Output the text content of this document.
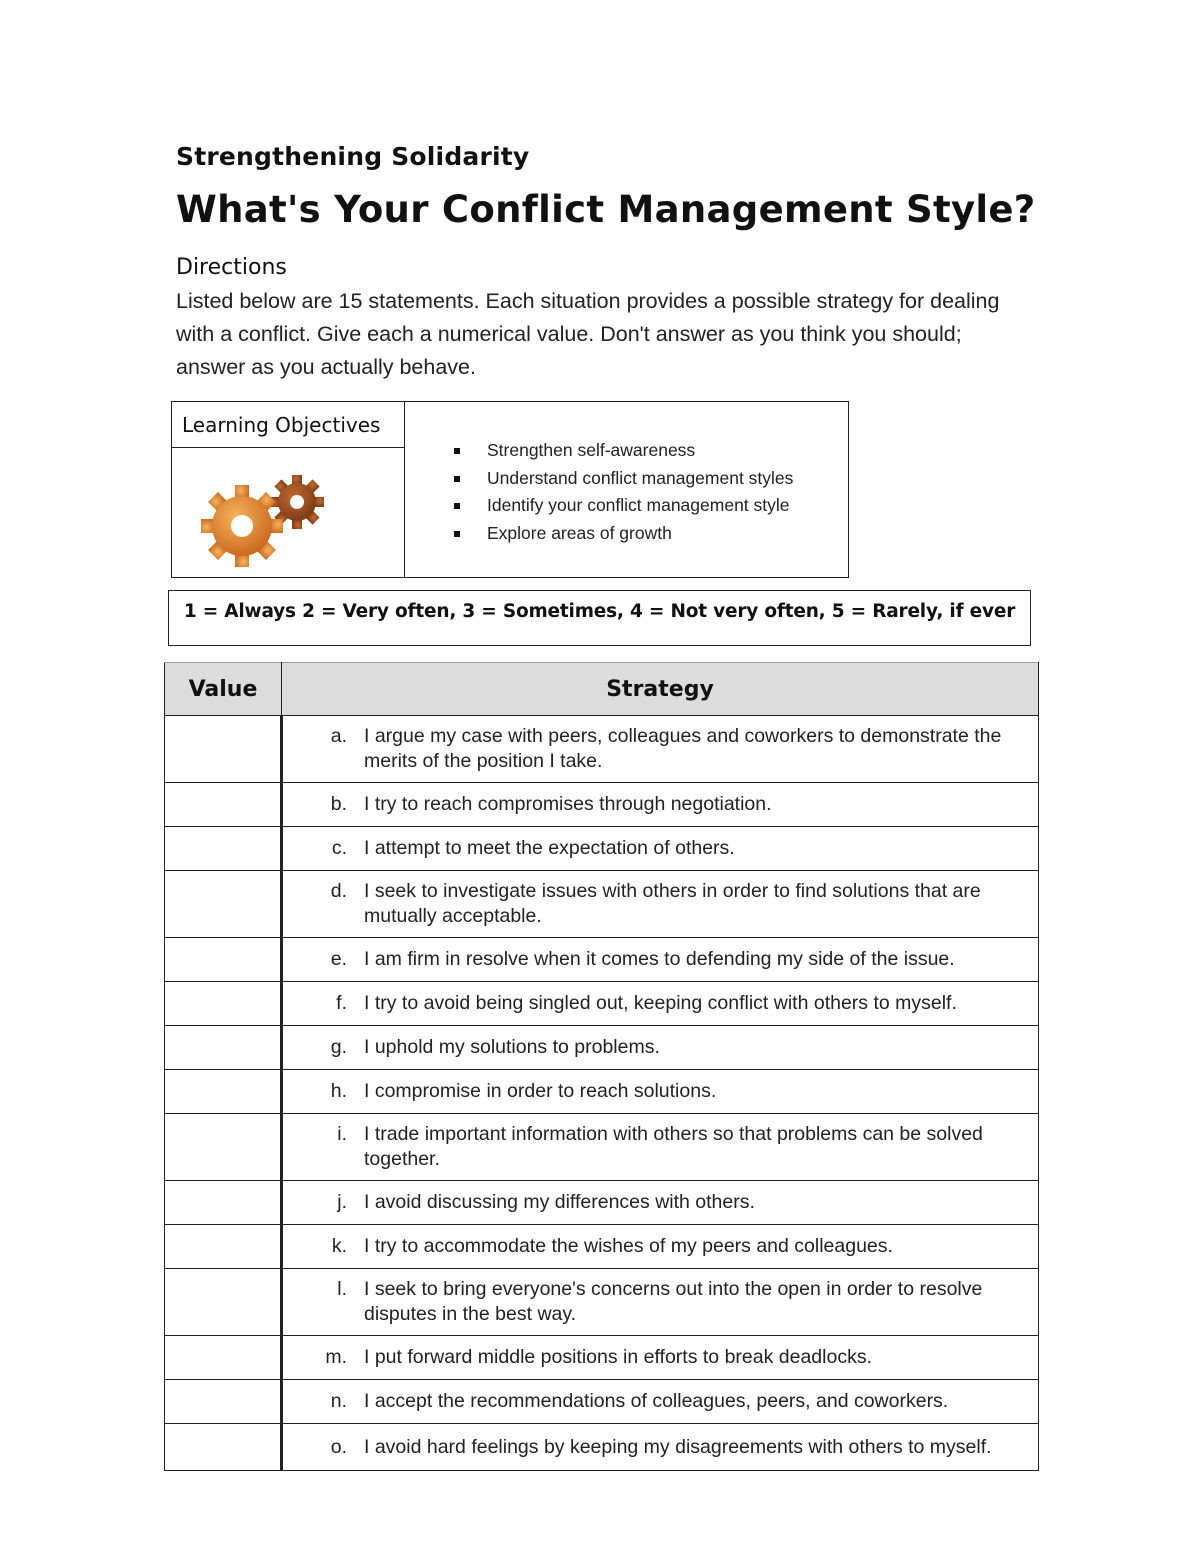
Strengthening Solidarity
What's Your Conflict Management Style?
Directions
Listed below are 15 statements. Each situation provides a possible strategy for dealing with a conflict. Give each a numerical value. Don't answer as you think you should; answer as you actually behave.
Learning Objectives
Strengthen self-awareness
Understand conflict management styles
Identify your conflict management style
Explore areas of growth
1 = Always 2 = Very often, 3 = Sometimes, 4 = Not very often, 5 = Rarely, if ever
Value	Strategy

	a. I argue my case with peers, colleagues and coworkers to demonstrate the merits of the position I take.

	b. I try to reach compromises through negotiation.

	c. I attempt to meet the expectation of others.

	d. I seek to investigate issues with others in order to find solutions that are mutually acceptable.

	e. I am firm in resolve when it comes to defending my side of the issue.

	f. I try to avoid being singled out, keeping conflict with others to myself.

	g. I uphold my solutions to problems.

	h. I compromise in order to reach solutions.

	i. I trade important information with others so that problems can be solved together.

	j. I avoid discussing my differences with others.

	k. I try to accommodate the wishes of my peers and colleagues.

	l. I seek to bring everyone's concerns out into the open in order to resolve disputes in the best way.

	m. I put forward middle positions in efforts to break deadlocks.

	n. I accept the recommendations of colleagues, peers, and coworkers.

	o. I avoid hard feelings by keeping my disagreements with others to myself.
